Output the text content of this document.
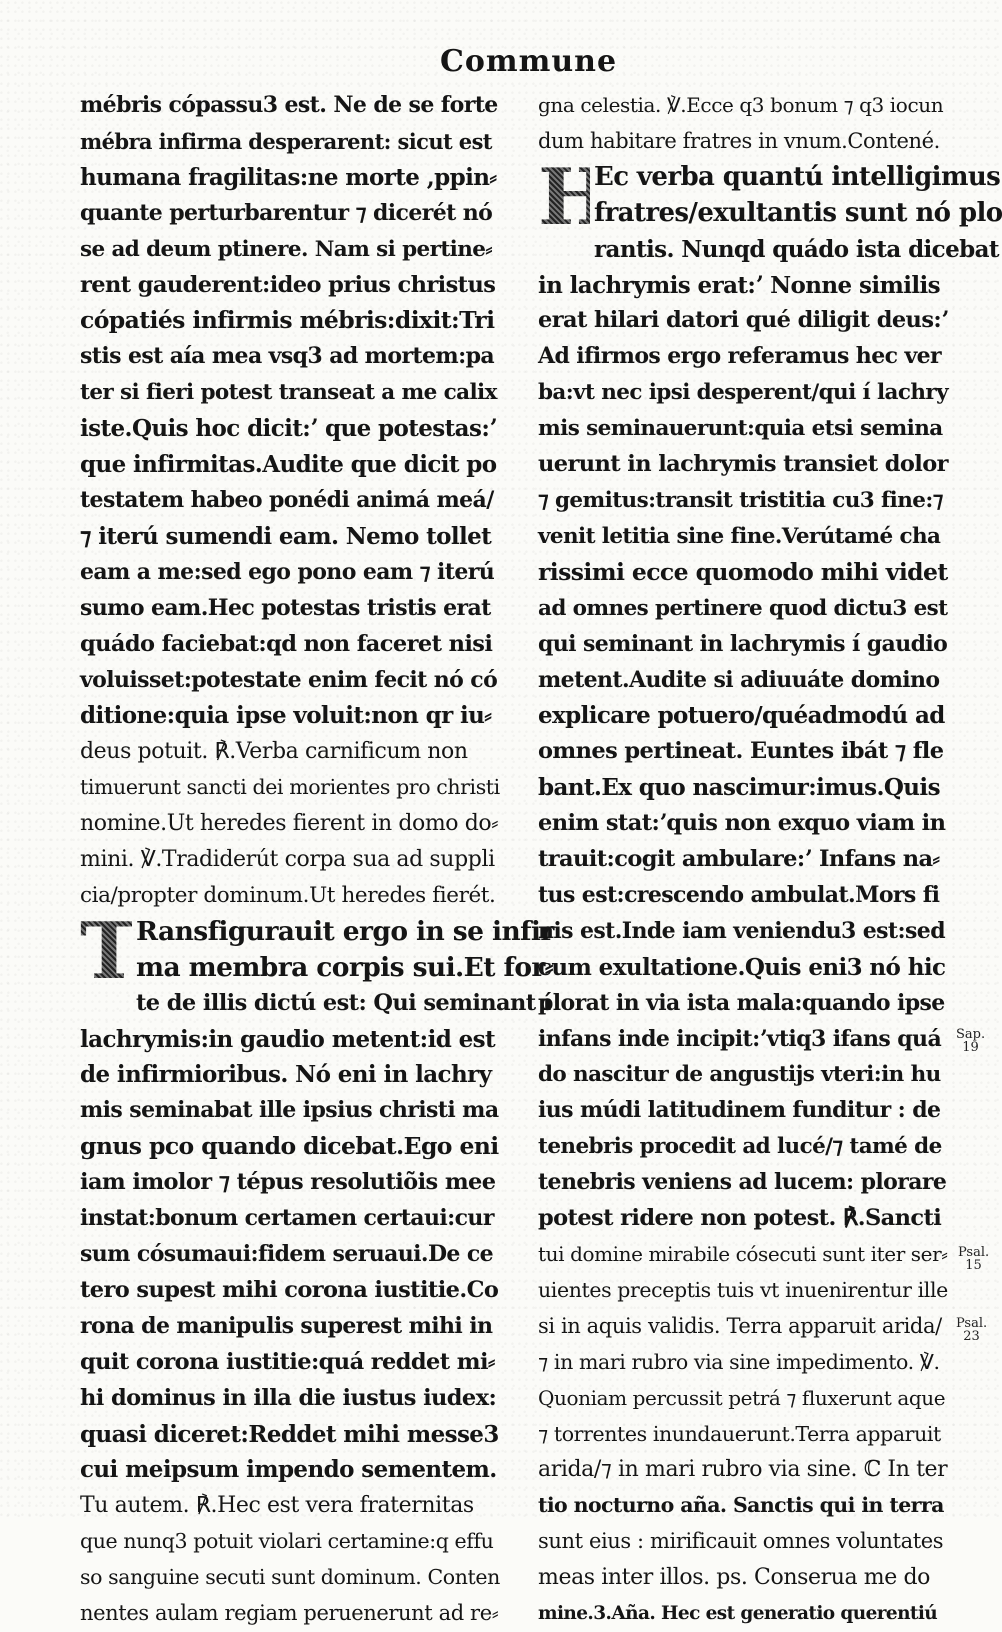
Commune
mébris cópassu3 est. Ne de se forte
mébra infirma desperarent: sicut est
humana fragilitas:ne morte ,ppin⸗
quante perturbarentur ⁊ dicerét nó
se ad deum ptinere. Nam si pertine⸗
rent gauderent:ideo prius christus
cópatiés infirmis mébris:dixit:Tri
stis est aía mea vsq3 ad mortem:pa
ter si fieri potest transeat a me calix
iste.Quis hoc dicit:ʼ que potestas:ʼ
que infirmitas.Audite que dicit po
testatem habeo ponédi animá meá/
⁊ iterú sumendi eam. Nemo tollet
eam a me:sed ego pono eam ⁊ iterú
sumo eam.Hec potestas tristis erat
quádo faciebat:qd non faceret nisi
voluisset:potestate enim fecit nó có
ditione:quia ipse voluit:non qr iu⸗
deus potuit. ℟.Verba carnificum non
timuerunt sancti dei morientes pro christi
nomine.Ut heredes fierent in domo do⸗
mini. ℣.Tradiderút corpa sua ad suppli
cia/propter dominum.Ut heredes fierét.
T
Ransfigurauit ergo in se infir
ma membra corpis sui.Et for⸗
te de illis dictú est: Qui seminant í
lachrymis:in gaudio metent:id est
de infirmioribus. Nó eni in lachry
mis seminabat ille ipsius christi ma
gnus pco quando dicebat.Ego eni
iam imolor ⁊ tépus resolutiõis mee
instat:bonum certamen certaui:cur
sum cósumaui:fidem seruaui.De ce
tero supest mihi corona iustitie.Co
rona de manipulis superest mihi in
quit corona iustitie:quá reddet mi⸗
hi dominus in illa die iustus iudex:
quasi diceret:Reddet mihi messe3
cui meipsum impendo sementem.
Tu autem. ℟.Hec est vera fraternitas
que nunq3 potuit violari certamine:q effu
so sanguine secuti sunt dominum. Conten
nentes aulam regiam peruenerunt ad re⸗
gna celestia. ℣.Ecce q3 bonum ⁊ q3 iocun
dum habitare fratres in vnum.Contené.
H
Ec verba quantú intelligimus
fratres/exultantis sunt nó plo
rantis. Nunqd quádo ista dicebat
in lachrymis erat:ʼ Nonne similis
erat hilari datori qué diligit deus:ʼ
Ad ifirmos ergo referamus hec ver
ba:vt nec ipsi desperent/qui í lachry
mis seminauerunt:quia etsi semina
uerunt in lachrymis transiet dolor
⁊ gemitus:transit tristitia cu3 fine:⁊
venit letitia sine fine.Verútamé cha
rissimi ecce quomodo mihi videt
ad omnes pertinere quod dictu3 est
qui seminant in lachrymis í gaudio
metent.Audite si adiuuáte domino
explicare potuero/quéadmodú ad
omnes pertineat. Euntes ibát ⁊ fle
bant.Ex quo nascimur:imus.Quis
enim stat:ʼquis non exquo viam in
trauit:cogit ambulare:ʼ Infans na⸗
tus est:crescendo ambulat.Mors fi
nis est.Inde iam veniendu3 est:sed
cum exultatione.Quis eni3 nó hic
plorat in via ista mala:quando ipse
infans inde incipit:ʼvtiq3 ifans quá
do nascitur de angustijs vteri:in hu
ius múdi latitudinem funditur : de
tenebris procedit ad lucé/⁊ tamé de
tenebris veniens ad lucem: plorare
potest ridere non potest. ℟.Sancti
tui domine mirabile cósecuti sunt iter ser⸗
uientes preceptis tuis vt inuenirentur ille
si in aquis validis. Terra apparuit arida/
⁊ in mari rubro via sine impedimento. ℣.
Quoniam percussit petrá ⁊ fluxerunt aque
⁊ torrentes inundauerunt.Terra apparuit
arida/⁊ in mari rubro via sine. ℂ In ter
tio nocturno aña. Sanctis qui in terra
sunt eius : mirificauit omnes voluntates
meas inter illos. ps. Conserua me do
mine.3.Aña. Hec est generatio querentiú
Sap.
19
Psal.
15
Psal.
23
